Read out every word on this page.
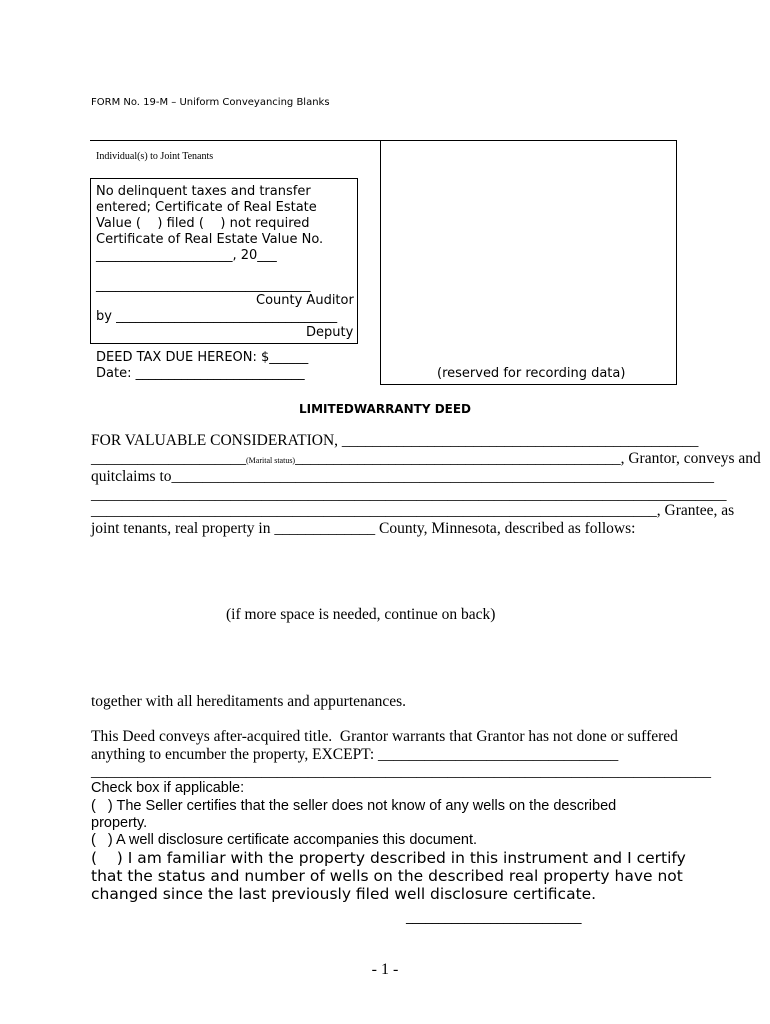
FORM No. 19-M – Uniform Conveyancing Blanks
(reserved for recording data)
Individual(s) to Joint Tenants
No delinquent taxes and transfer
entered; Certificate of Real Estate
Value (    ) filed (    ) not required
Certificate of Real Estate Value No.
_____________________, 20___
_________________________________
County Auditor
by __________________________________
Deputy
DEED TAX DUE HEREON: $______
Date: __________________________
LIMITEDWARRANTY DEED
FOR VALUABLE CONSIDERATION, ______________________________________________
____________________(Marital status)__________________________________________, Grantor, conveys and
quitclaims to______________________________________________________________________
__________________________________________________________________________________
_________________________________________________________________________, Grantee, as
joint tenants, real property in _____________ County, Minnesota, described as follows:
(if more space is needed, continue on back)
together with all hereditaments and appurtenances.
This Deed conveys after-acquired title.  Grantor warrants that Grantor has not done or suffered
anything to encumber the property, EXCEPT: _______________________________
________________________________________________________________________________
Check box if applicable:
(   ) The Seller certifies that the seller does not know of any wells on the described
property.
(   ) A well disclosure certificate accompanies this document.
(    ) I am familiar with the property described in this instrument and I certify
that the status and number of wells on the described real property have not
changed since the last previously filed well disclosure certificate.
___________________________
- 1 -
